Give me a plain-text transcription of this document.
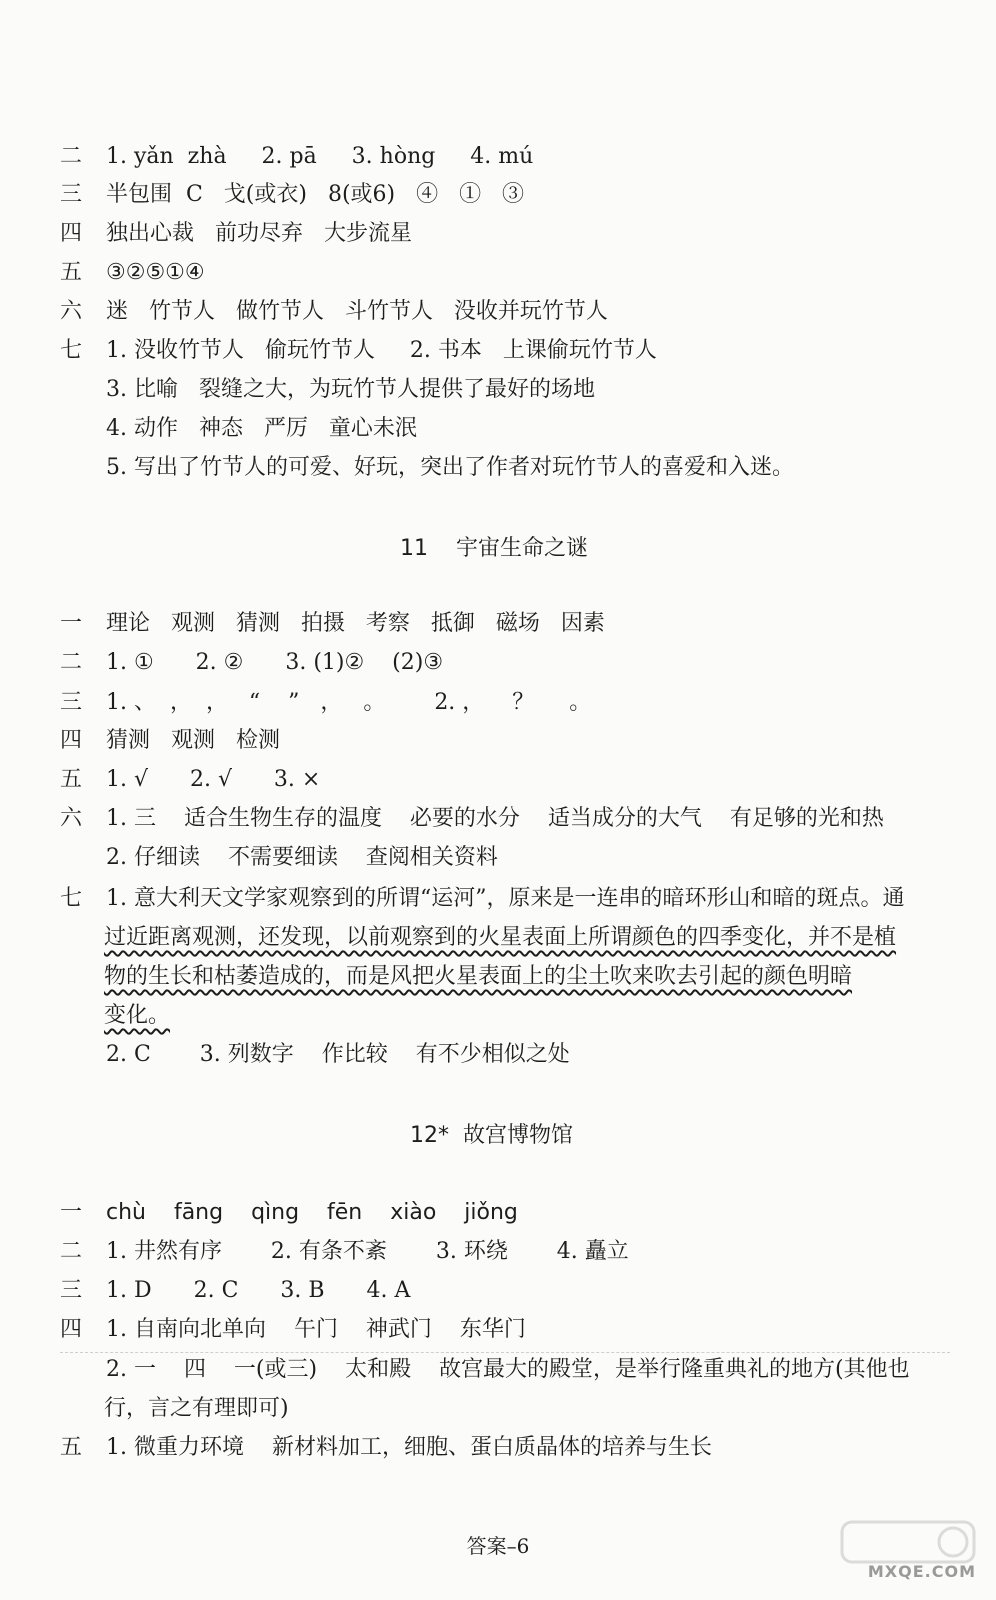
二 1. yǎn  zhà     2. pā     3. hòng     4. mú
三 半包围  C   戈(或衣)   8(或6)   ④   ①   ③
四 独出心裁   前功尽弃   大步流星
五 ③②⑤①④
六 迷   竹节人   做竹节人   斗竹节人   没收并玩竹节人
七 1. 没收竹节人   偷玩竹节人     2. 书本   上课偷玩竹节人
3. 比喻   裂缝之大，为玩竹节人提供了最好的场地
4. 动作   神态   严厉   童心未泯
5. 写出了竹节人的可爱、好玩，突出了作者对玩竹节人的喜爱和入迷。
11    宇宙生命之谜
一 理论   观测   猜测   拍摄   考察   抵御   磁场   因素
二 1. ①      2. ②      3. (1)②    (2)③
三 1. 、  ，  ，   “    ”   ，   。       2. ，    ？     。
四 猜测   观测   检测
五 1. √      2. √      3. ×
六 1. 三    适合生物生存的温度    必要的水分    适当成分的大气    有足够的光和热
2. 仔细读    不需要细读    查阅相关资料
七 1. 意大利天文学家观察到的所谓“运河”，原来是一连串的暗环形山和暗的斑点。通
过近距离观测，还发现，以前观察到的火星表面上所谓颜色的四季变化，并不是植
物的生长和枯萎造成的，而是风把火星表面上的尘土吹来吹去引起的颜色明暗
变化。
2. C       3. 列数字    作比较    有不少相似之处
12*  故宫博物馆
一 chù    fāng    qìng    fēn    xiào    jiǒng
二 1. 井然有序       2. 有条不紊       3. 环绕       4. 矗立
三 1. D      2. C      3. B      4. A
四 1. 自南向北单向    午门    神武门    东华门
2. 一    四    一(或三)    太和殿    故宫最大的殿堂，是举行隆重典礼的地方(其他也
行，言之有理即可)
五 1. 微重力环境    新材料加工，细胞、蛋白质晶体的培养与生长
答案–6
MXQE.COM
